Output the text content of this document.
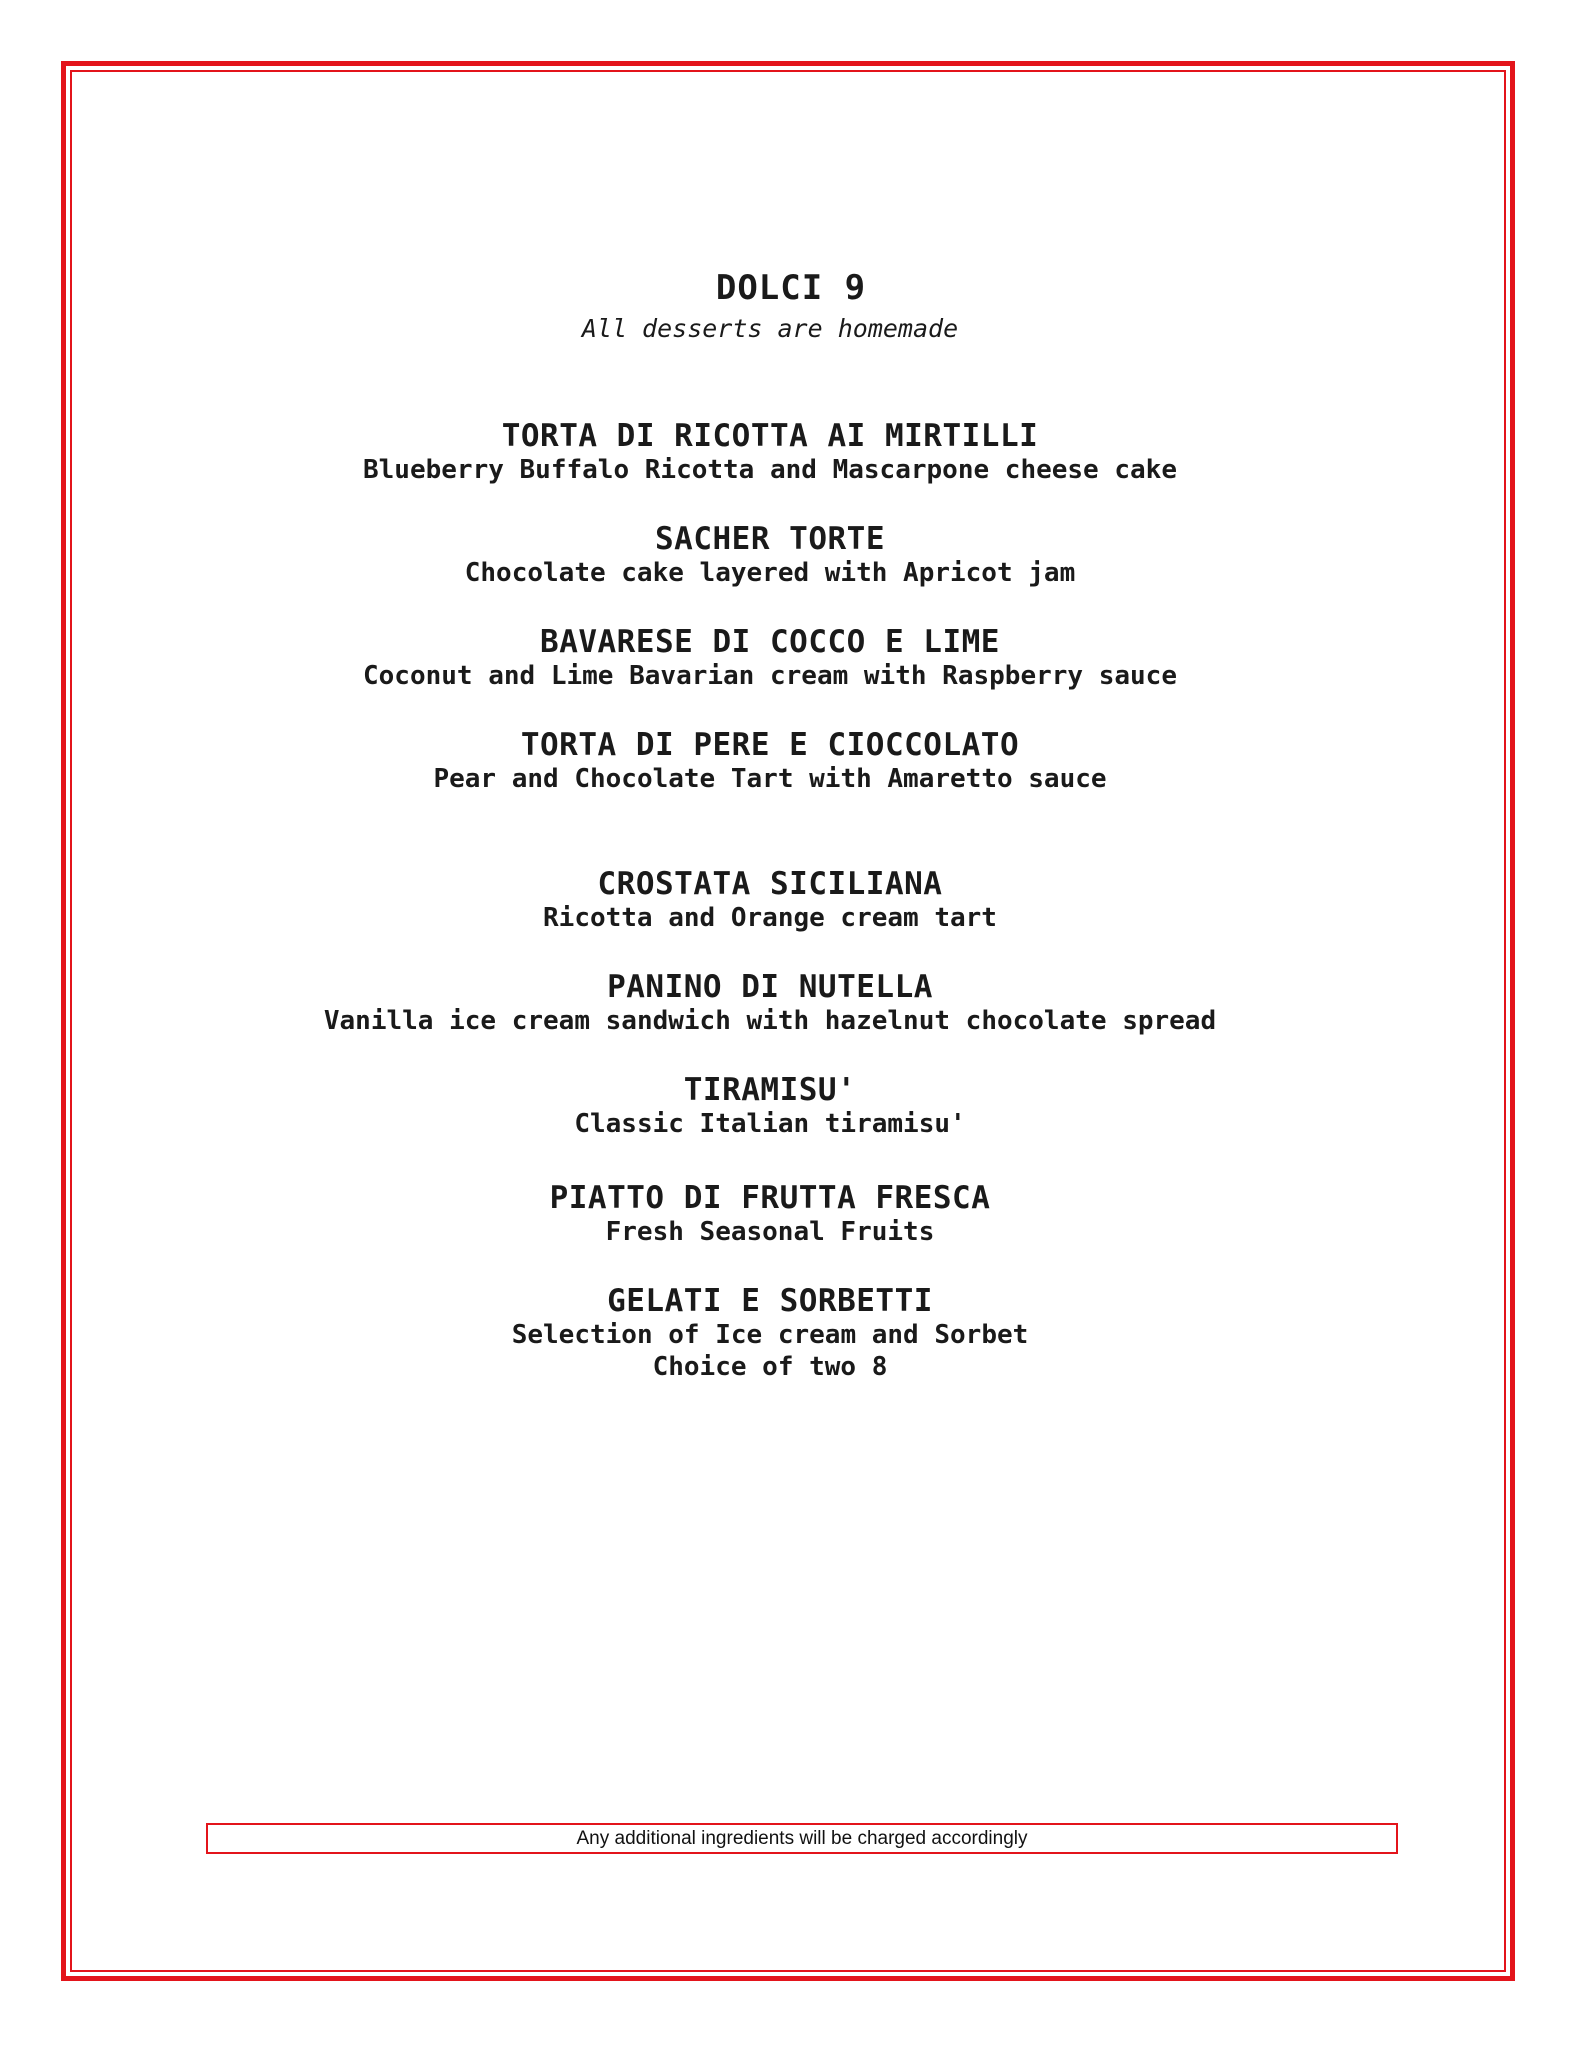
DOLCI 9
All desserts are homemade
TORTA DI RICOTTA AI MIRTILLI
Blueberry Buffalo Ricotta and Mascarpone cheese cake
SACHER TORTE
Chocolate cake layered with Apricot jam
BAVARESE DI COCCO E LIME
Coconut and Lime Bavarian cream with Raspberry sauce
TORTA DI PERE E CIOCCOLATO
Pear and Chocolate Tart with Amaretto sauce
CROSTATA SICILIANA
Ricotta and Orange cream tart
PANINO DI NUTELLA
Vanilla ice cream sandwich with hazelnut chocolate spread
TIRAMISU'
Classic Italian tiramisu'
PIATTO DI FRUTTA FRESCA
Fresh Seasonal Fruits
GELATI E SORBETTI
Selection of Ice cream and Sorbet
Choice of two 8
Any additional ingredients will be charged accordingly
